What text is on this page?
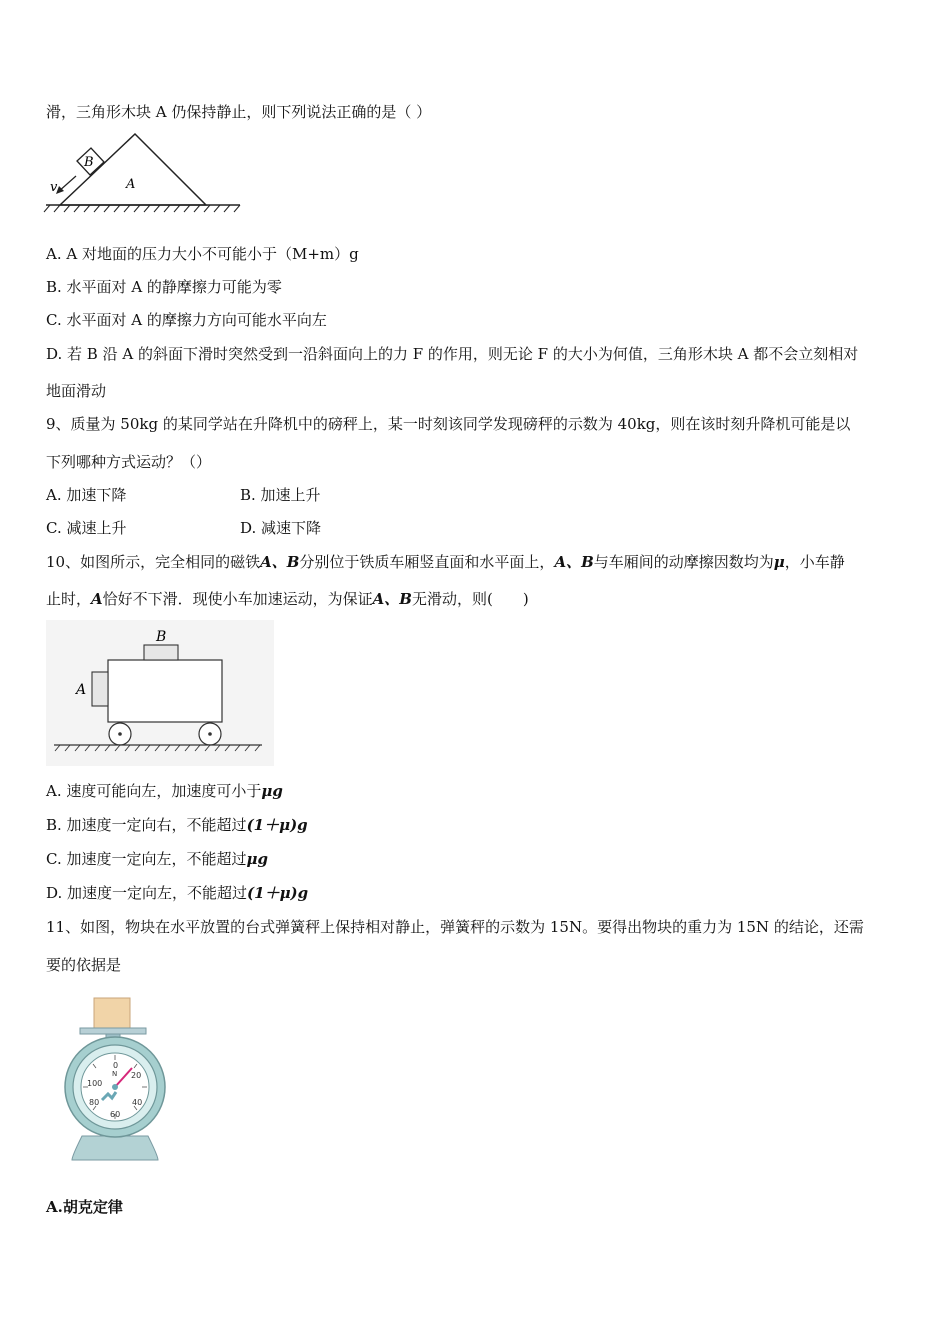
滑，三角形木块 A 仍保持静止，则下列说法正确的是（ ）
B
A
v
A. A 对地面的压力大小不可能小于（M+m）g
B. 水平面对 A 的静摩擦力可能为零
C. 水平面对 A 的摩擦力方向可能水平向左
D. 若 B 沿 A 的斜面下滑时突然受到一沿斜面向上的力 F 的作用，则无论 F 的大小为何值，三角形木块 A 都不会立刻相对
地面滑动
9、质量为 50kg 的某同学站在升降机中的磅秤上，某一时刻该同学发现磅秤的示数为 40kg，则在该时刻升降机可能是以
下列哪种方式运动？（）
A. 加速下降	B. 加速上升
C. 减速上升	D. 减速下降
10、如图所示，完全相同的磁铁A、B分别位于铁质车厢竖直面和水平面上，A、B与车厢间的动摩擦因数均为μ，小车静
止时，A恰好不下滑．现使小车加速运动，为保证A、B无滑动，则(　　)
B
A
A. 速度可能向左，加速度可小于μg
B. 加速度一定向右，不能超过(1＋μ)g
C. 加速度一定向左，不能超过μg
D. 加速度一定向左，不能超过(1＋μ)g
11、如图，物块在水平放置的台式弹簧秤上保持相对静止，弹簧秤的示数为 15N。要得出物块的重力为 15N 的结论，还需
要的依据是
0
N 20
40
60
80
100
A.胡克定律
